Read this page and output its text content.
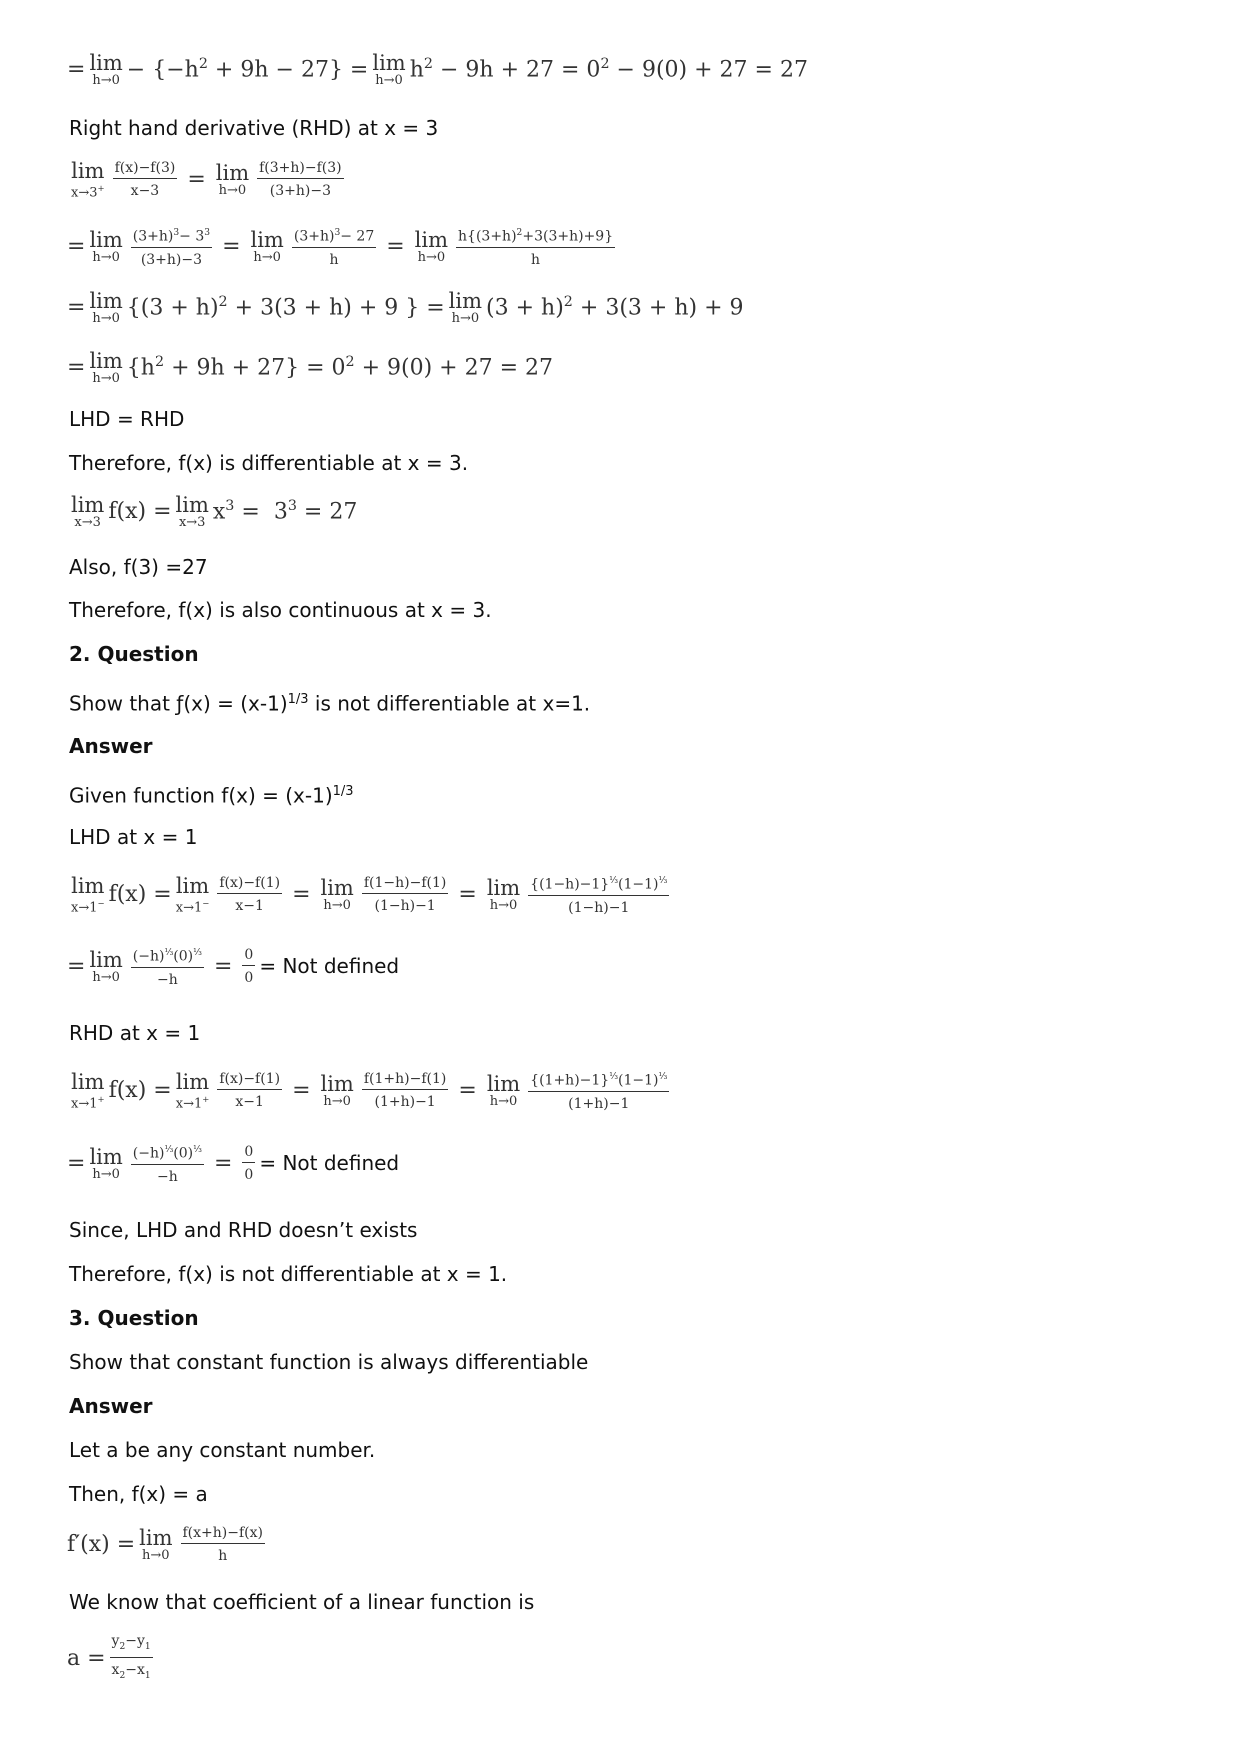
= lim
$h\to 0 - \{-h^2 + 9h - 27\} = \lim$
h→0 $h^2 - 9h + 27 = 0^2 - 9(0) + 27 = 27$
Right hand derivative (RHD) at x = 3
lim
$x\to 3^+ \frac{f(x)-f(3)}{x-3} = \lim$
$h\to 0 \frac{f(3+h)-f(3)}{(3+h)-3}$
= lim
$h\to 0 \frac{(3+h)^3- 3^3}{(3+h)-3} = \lim$
$h\to 0 \frac{(3+h)^3- 27}{h} = \lim$
$h\to 0 \frac{h\{(3+h)^2+3(3+h)+9\}}{h}$
= lim
h→0 {$(3 + h)^2 + 3(3 + h) + 9$ } = lim
h→0 $(3 + h)^2 + 3(3 + h) + 9$
= lim
h→0 $\{h^2 + 9h + 27\} = 0^2 + 9(0) + 27 = 27$
LHD = RHD
Therefore, f(x) is differentiable at x = 3.
lim
x→3 f(x) = lim
x→3 $x^3 = 3^3 = 27$
Also, f(3) =27
Therefore, f(x) is also continuous at x = 3.
2. Question
Show that ƒ(x) = $(x-1)^{1/3}$ is not differentiable at x=1.
Answer
Given function $f(x) = (x-1)^{1/3}$
LHD at x = 1
lim
x→1− f(x) = lim
$x\to 1^- \frac{f(x)-f(1)}{x-1} = \lim$
$h\to 0 \frac{f(1-h)-f(1)}{(1-h)-1} = \lim$
$h\to 0 \frac{\{(1-h)-1\}^{\frac{1}{3}}(1-1)^{\frac{1}{3}}}{(1-h)-1}$
= lim
$h\to 0 \frac{(-h)^{\frac{1}{3}}(0)^{\frac{1}{3}}}{-h} = \frac{0}{0}$ = Not defined
RHD at x = 1
lim
x→1+ f(x) = lim
$x\to 1^+ \frac{f(x)-f(1)}{x-1} = \lim$
$h\to 0 \frac{f(1+h)-f(1)}{(1+h)-1} = \lim$
$h\to 0 \frac{\{(1+h)-1\}^{\frac{1}{3}}(1-1)^{\frac{1}{3}}}{(1+h)-1}$
= lim
$h\to 0 \frac{(-h)^{\frac{1}{3}}(0)^{\frac{1}{3}}}{-h} = \frac{0}{0}$ = Not defined
Since, LHD and RHD doesn’t exists
Therefore, f(x) is not differentiable at x = 1.
3. Question
Show that constant function is always differentiable
Answer
Let a be any constant number.
Then, f(x) = a
f′(x) = lim
$h\to 0 \frac{f(x+h)-f(x)}{h}$
We know that coefficient of a linear function is
$a = \frac{y_2-y_1}{x_2-x_1}$
